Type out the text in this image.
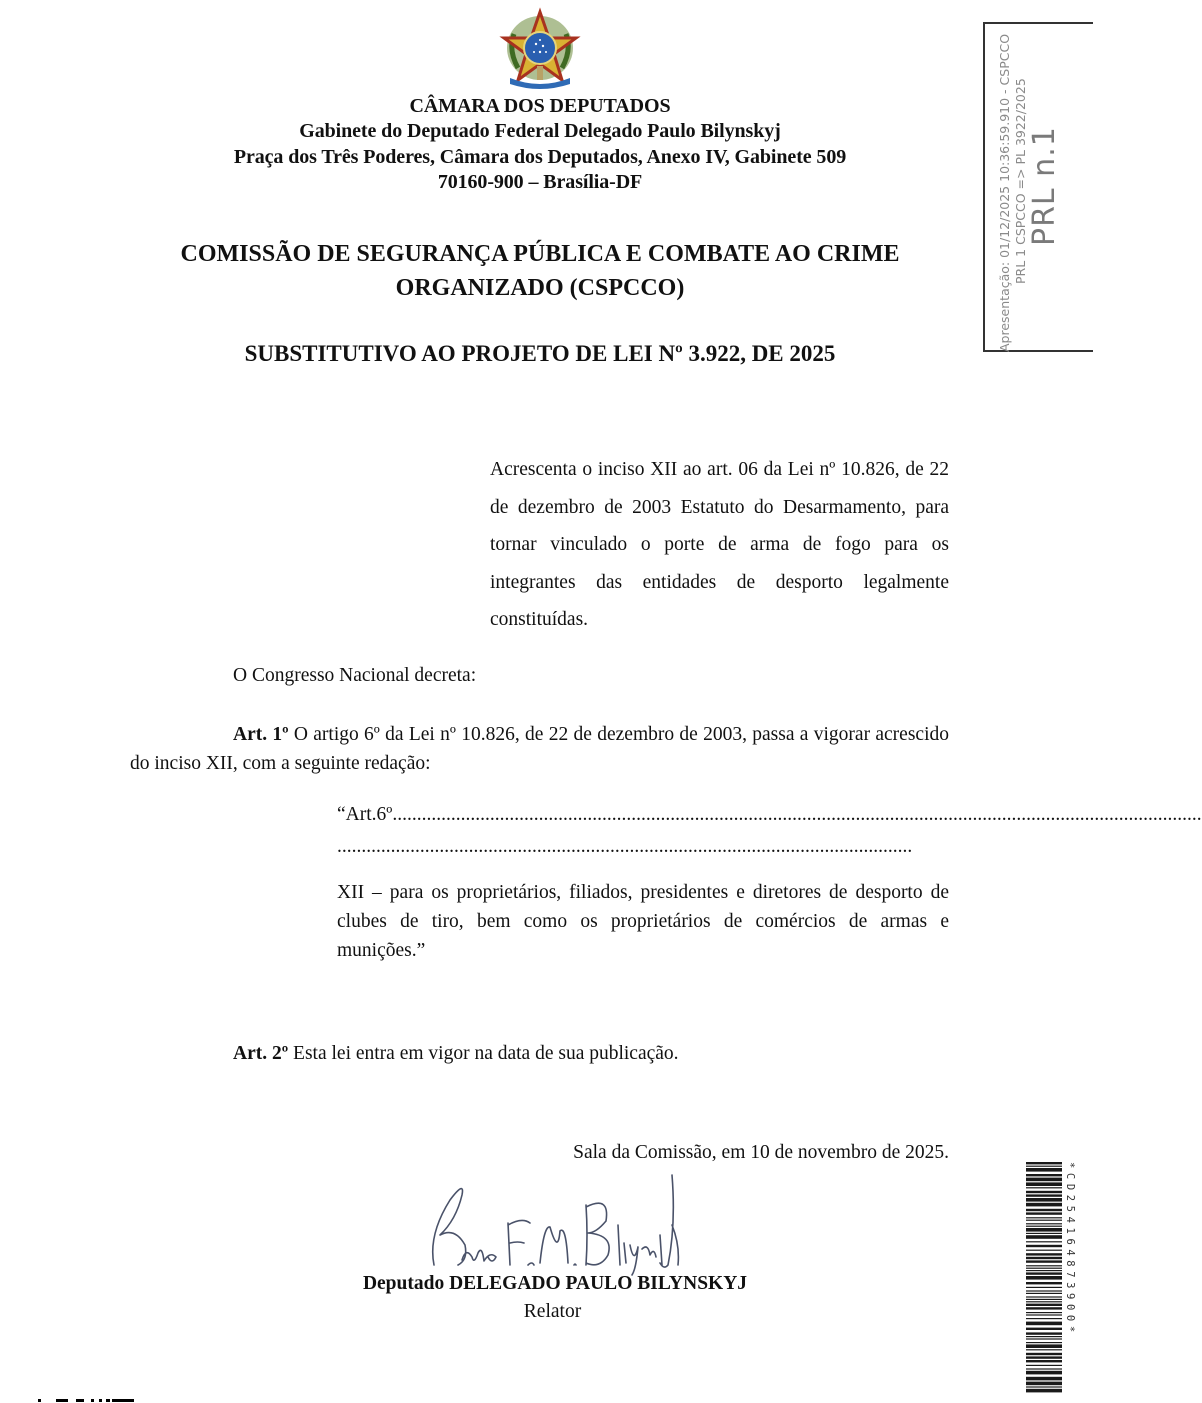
CÂMARA DOS DEPUTADOS
Gabinete do Deputado Federal Delegado Paulo Bilynskyj
Praça dos Três Poderes, Câmara dos Deputados, Anexo IV, Gabinete 509
70160-900 – Brasília-DF
COMISSÃO DE SEGURANÇA PÚBLICA E COMBATE AO CRIME ORGANIZADO (CSPCCO)
SUBSTITUTIVO AO PROJETO DE LEI Nº 3.922, DE 2025
Acrescenta o inciso XII ao art. 06 da Lei nº 10.826, de 22 de dezembro de 2003 Estatuto do Desarmamento, para tornar vinculado o porte de arma de fogo para os integrantes das entidades de desporto legalmente constituídas.
O Congresso Nacional decreta:
Art. 1º O artigo 6º da Lei nº 10.826, de 22 de dezembro de 2003, passa a vigorar acrescido do inciso XII, com a seguinte redação:
“Art.6º......................................................................................................................................................................
......................................................................................................................
XII – para os proprietários, filiados, presidentes e diretores de desporto de clubes de tiro, bem como os proprietários de comércios de armas e munições.”
Art. 2º Esta lei entra em vigor na data de sua publicação.
Sala da Comissão, em 10 de novembro de 2025.
Deputado DELEGADO PAULO BILYNSKYJ
Relator
Apresentação: 01/12/2025 10:36:59.910 - CSPCCO PRL 1 CSPCCO => PL 3922/2025 PRL n.1
*CD254164873900*
